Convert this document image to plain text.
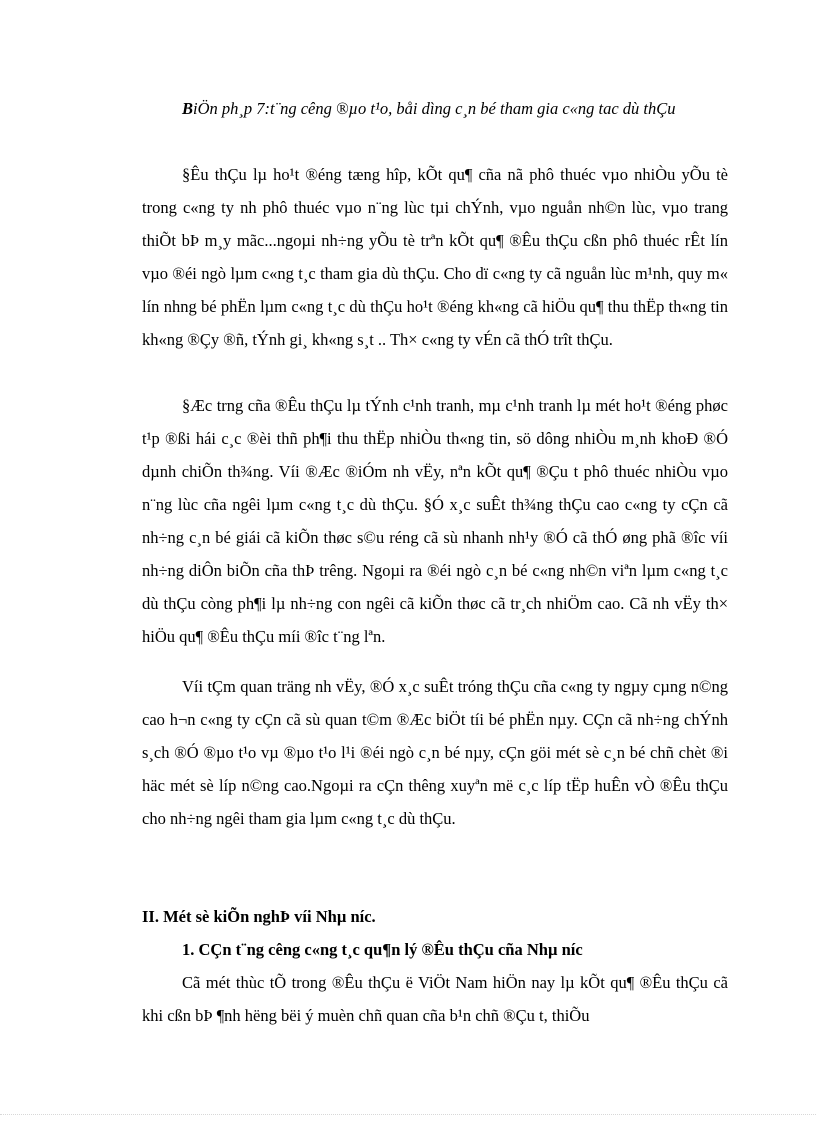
BiÖn ph¸p 7:t¨ng cêng ®µo t¹o, båi dìng c¸n bé tham gia c«ng tac dù thÇu

§Êu thÇu lµ ho¹t ®éng tæng hîp, kÕt qu¶ cña nã phô thuéc vµo nhiÒu yÕu tè trong c«ng ty nh phô thuéc vµo n¨ng lùc tµi chÝnh, vµo nguån nh©n lùc, vµo trang thiÕt bÞ m¸y mãc...ngoµi nh÷ng yÕu tè trªn kÕt qu¶ ®Êu thÇu cßn phô thuéc rÊt lín vµo ®éi ngò lµm c«ng t¸c tham gia dù thÇu. Cho dï c«ng ty cã nguån lùc m¹nh, quy m« lín nhng bé phËn lµm c«ng t¸c dù thÇu ho¹t ®éng kh«ng cã hiÖu qu¶ thu thËp th«ng tin kh«ng ®Çy ®ñ, tÝnh gi¸ kh«ng s¸t .. Th× c«ng ty vÉn cã thÓ trît thÇu.

§Æc trng cña ®Êu thÇu lµ tÝnh c¹nh tranh, mµ c¹nh tranh lµ mét ho¹t ®éng phøc t¹p ®ßi hái c¸c ®èi thñ ph¶i thu thËp nhiÒu th«ng tin, sö dông nhiÒu m¸nh khoÐ ®Ó dµnh chiÕn th¾ng. Víi ®Æc ®iÓm nh vËy, nªn kÕt qu¶ ®Çu t phô thuéc nhiÒu vµo n¨ng lùc cña ngêi lµm c«ng t¸c dù thÇu. §Ó x¸c suÊt th¾ng thÇu cao c«ng ty cÇn cã nh÷ng c¸n bé giái cã kiÕn thøc s©u réng cã sù nhanh nh¹y ®Ó cã thÓ øng phã ®îc víi nh÷ng diÔn biÕn cña thÞ trêng. Ngoµi ra ®éi ngò c¸n bé c«ng nh©n viªn lµm c«ng t¸c dù thÇu còng ph¶i lµ nh÷ng con ngêi cã kiÕn thøc cã tr¸ch nhiÖm cao. Cã nh vËy th× hiÖu qu¶ ®Êu thÇu míi ®îc t¨ng lªn.

Víi tÇm quan träng nh vËy, ®Ó x¸c suÊt tróng thÇu cña c«ng ty ngµy cµng n©ng cao h¬n c«ng ty cÇn cã sù quan t©m ®Æc biÖt tíi bé phËn nµy. CÇn cã nh÷ng chÝnh s¸ch ®Ó ®µo t¹o vµ ®µo t¹o l¹i ®éi ngò c¸n bé nµy, cÇn göi mét sè c¸n bé chñ chèt ®i häc mét sè líp n©ng cao.Ngoµi ra cÇn thêng xuyªn më c¸c líp tËp huÊn vÒ ®Êu thÇu cho nh÷ng ngêi tham gia lµm c«ng t¸c dù thÇu.

II. Mét sè kiÕn nghÞ víi Nhµ níc.
1. CÇn t¨ng cêng c«ng t¸c qu¶n lý ®Êu thÇu cña Nhµ níc

Cã mét thùc tÕ trong ®Êu thÇu ë ViÖt Nam hiÖn nay lµ kÕt qu¶ ®Êu thÇu cã khi cßn bÞ ¶nh hëng bëi ý muèn chñ quan cña b¹n chñ ®Çu t, thiÕu
